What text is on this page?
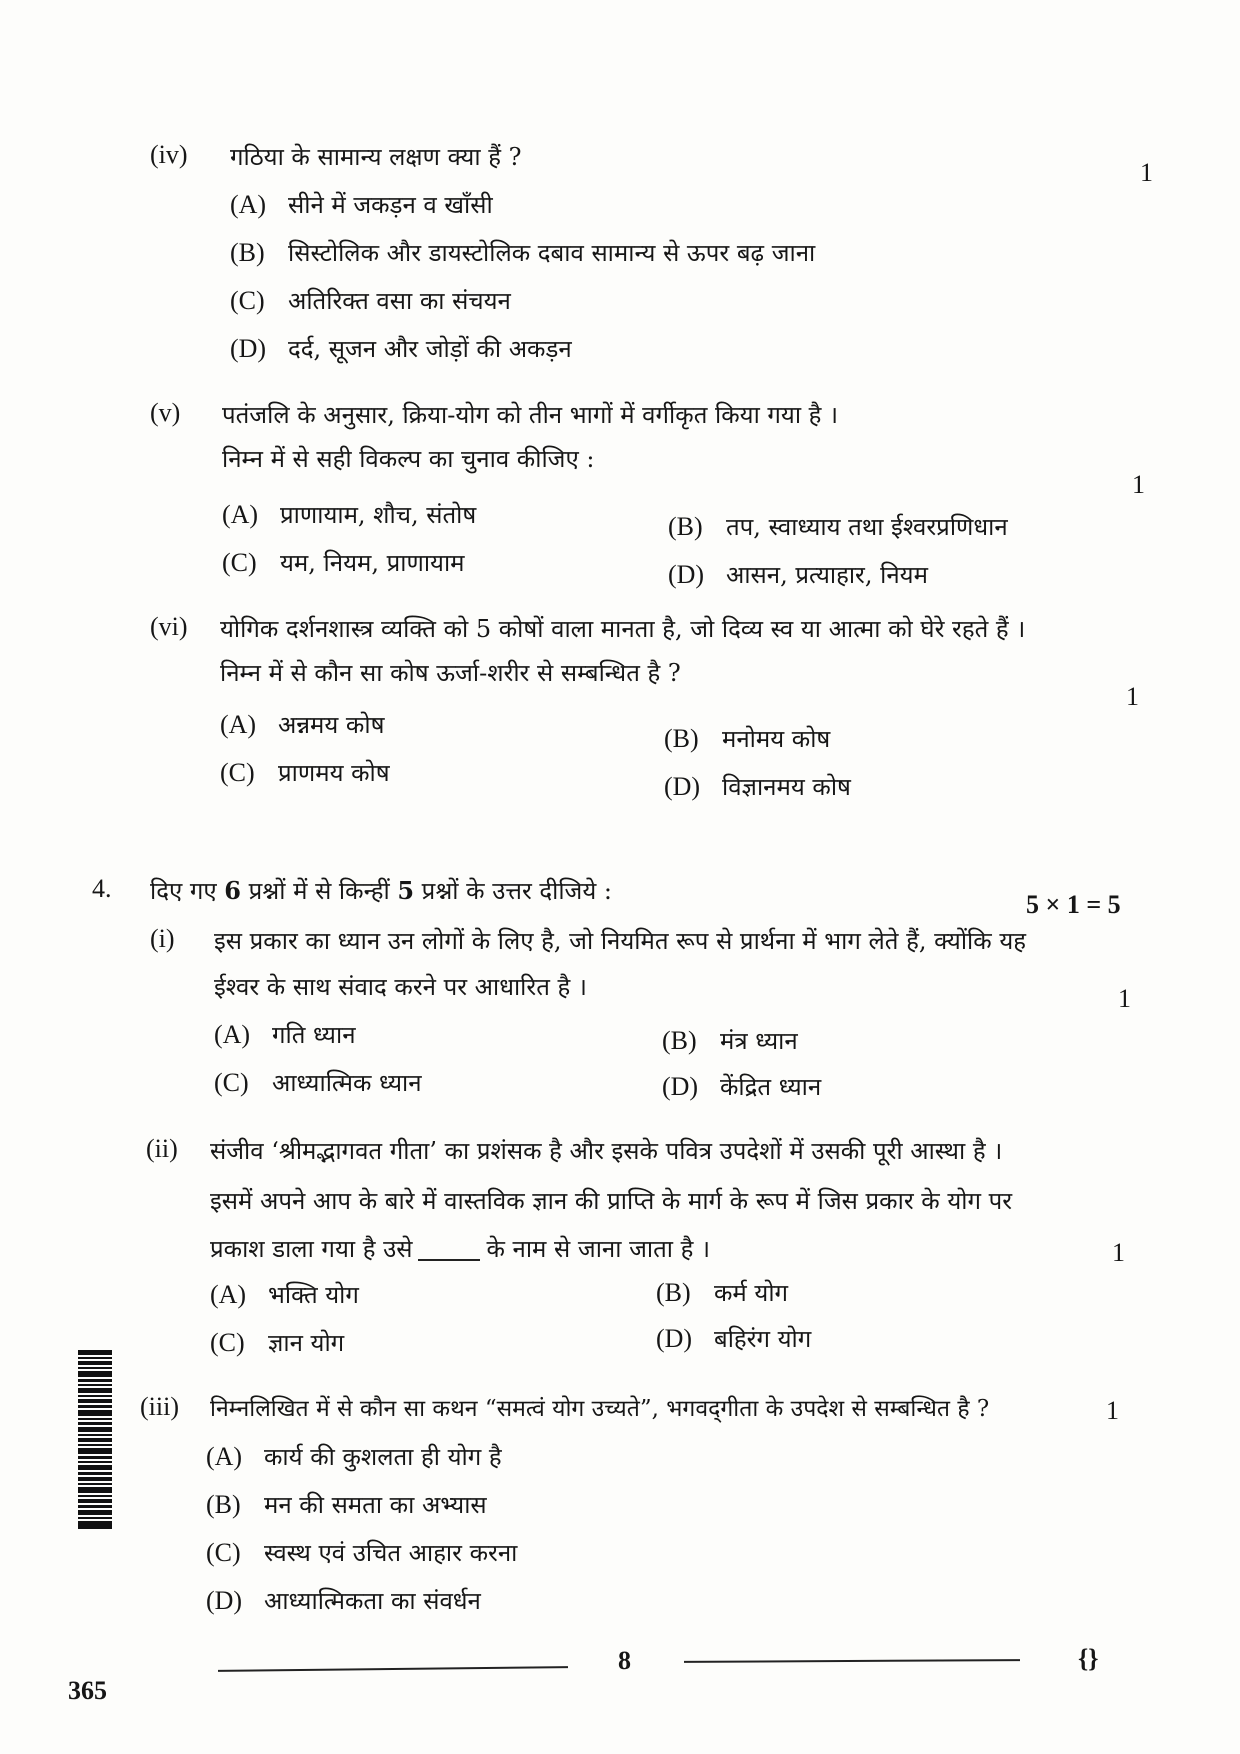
(iv) गठिया के सामान्य लक्षण क्या हैं ?
1
(A) सीने में जकड़न व खाँसी
(B) सिस्टोलिक और डायस्टोलिक दबाव सामान्य से ऊपर बढ़ जाना
(C) अतिरिक्त वसा का संचयन
(D) दर्द, सूजन और जोड़ों की अकड़न
(v) पतंजलि के अनुसार, क्रिया-योग को तीन भागों में वर्गीकृत किया गया है ।
निम्न में से सही विकल्प का चुनाव कीजिए :
1
(A) प्राणायाम, शौच, संतोष	(B) तप, स्वाध्याय तथा ईश्वरप्रणिधान
(C) यम, नियम, प्राणायाम	(D) आसन, प्रत्याहार, नियम
(vi) योगिक दर्शनशास्त्र व्यक्ति को 5 कोषों वाला मानता है, जो दिव्य स्व या आत्मा को घेरे रहते हैं ।
निम्न में से कौन सा कोष ऊर्जा-शरीर से सम्बन्धित है ?
1
(A) अन्नमय कोष	(B) मनोमय कोष
(C) प्राणमय कोष	(D) विज्ञानमय कोष
4. दिए गए 6 प्रश्नों में से किन्हीं 5 प्रश्नों के उत्तर दीजिये :	5 × 1 = 5
(i) इस प्रकार का ध्यान उन लोगों के लिए है, जो नियमित रूप से प्रार्थना में भाग लेते हैं, क्योंकि यह
ईश्वर के साथ संवाद करने पर आधारित है ।	1
(A) गति ध्यान	(B) मंत्र ध्यान
(C) आध्यात्मिक ध्यान	(D) केंद्रित ध्यान
(ii) संजीव ‘श्रीमद्भागवत गीता’ का प्रशंसक है और इसके पवित्र उपदेशों में उसकी पूरी आस्था है ।
इसमें अपने आप के बारे में वास्तविक ज्ञान की प्राप्ति के मार्ग के रूप में जिस प्रकार के योग पर
प्रकाश डाला गया है उसे	के नाम से जाना जाता है ।	1
(A) भक्ति योग	(B) कर्म योग
(C) ज्ञान योग	(D) बहिरंग योग
(iii) निम्नलिखित में से कौन सा कथन “समत्वं योग उच्यते”, भगवद्‌गीता के उपदेश से सम्बन्धित है ?	1
(A) कार्य की कुशलता ही योग है
(B) मन की समता का अभ्यास
(C) स्वस्थ एवं उचित आहार करना
(D) आध्यात्मिकता का संवर्धन
8	{}
365
